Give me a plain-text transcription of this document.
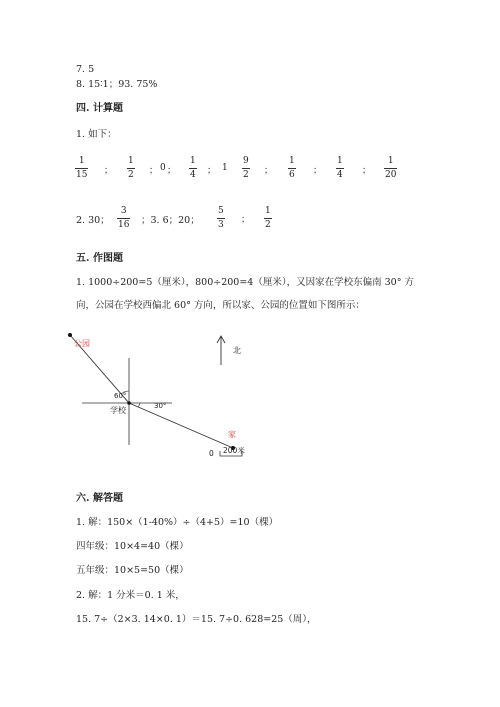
7. 5
8. 15∶1；93. 75%
四. 计算题
1. 如下：
1
15 ；
1
2 ； 0 ；
1
4 ； 1
9
2 ；
1
6 ；
1
4 ；
1
20
2. 30；
3
16 ；3. 6；20；
5
3 ；
1
2
五. 作图题
1. 1000÷200=5（厘米），800÷200=4（厘米），又因家在学校东偏南 30° 方
向，公园在学校西偏北 60° 方向，所以家、公园的位置如下图所示：
公园
60°
30°
学校
家
北
0 200米
六. 解答题
1. 解：150×（1-40%）÷（4+5）=10（棵）
四年级：10×4=40（棵）
五年级：10×5=50（棵）
2. 解：1 分米＝0. 1 米，
15. 7÷（2×3. 14×0. 1）＝15. 7÷0. 628=25（周），
